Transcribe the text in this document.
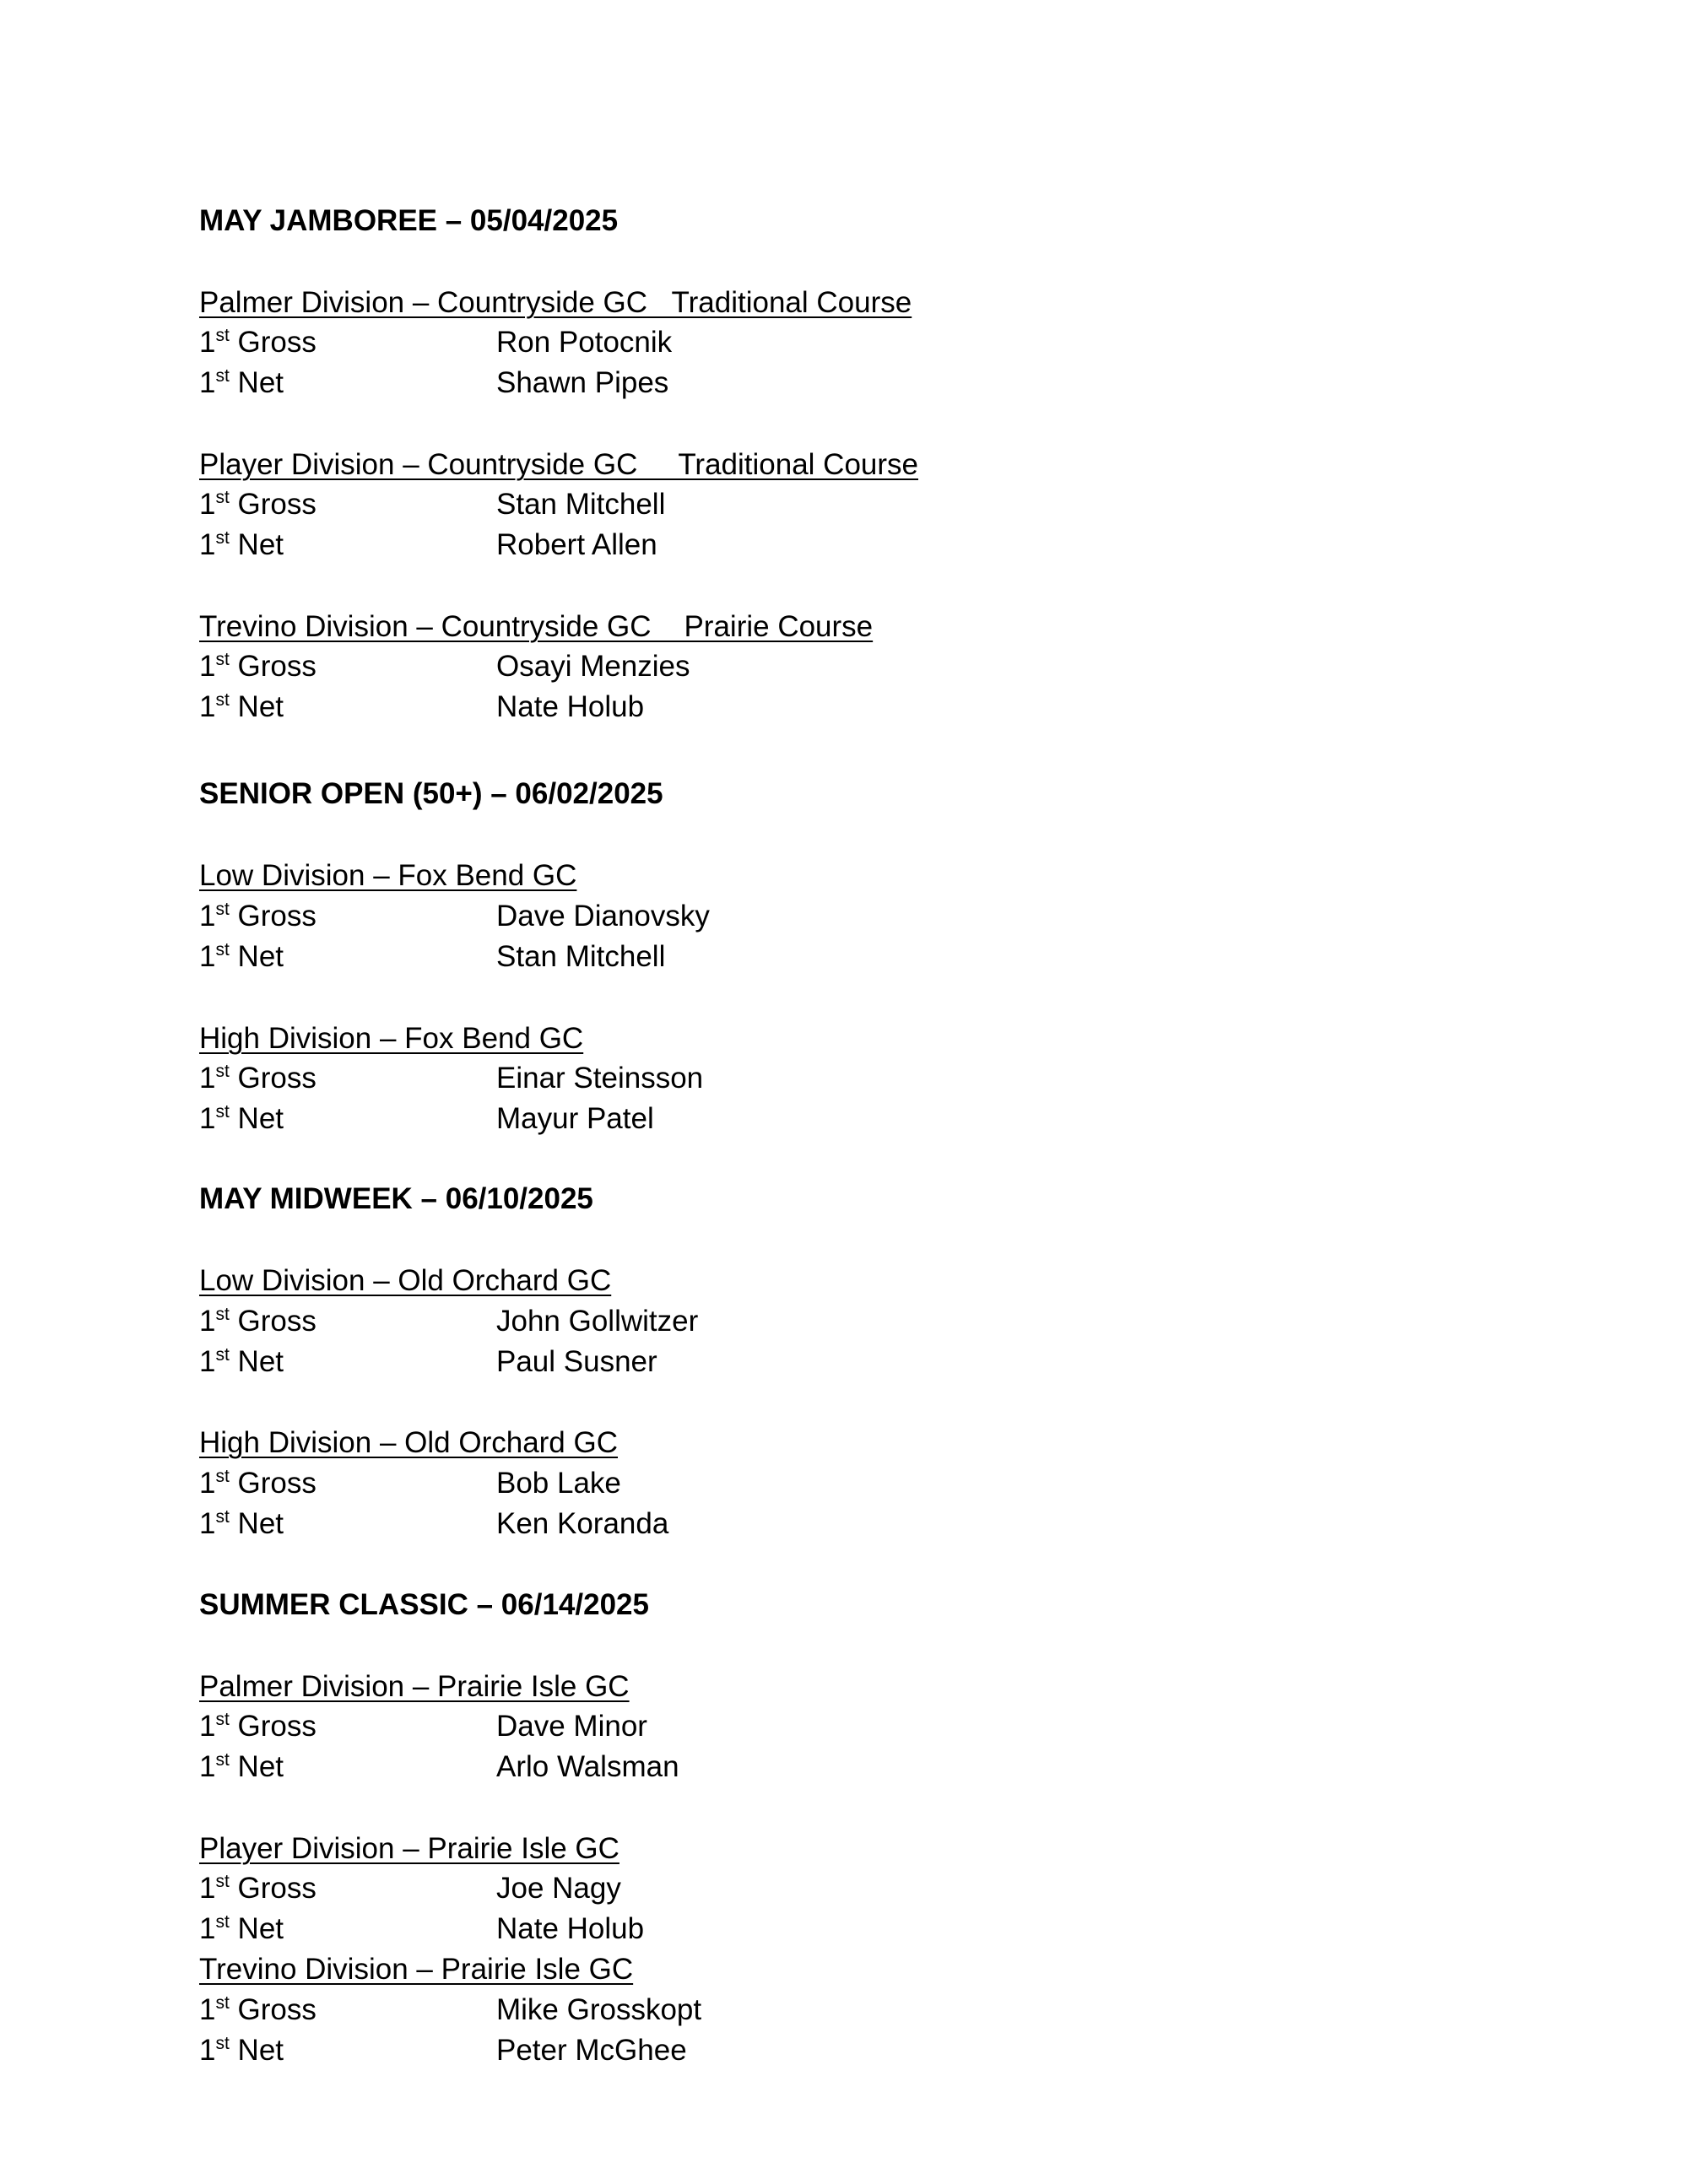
MAY JAMBOREE – 05/04/2025
Palmer Division – Countryside GC   Traditional Course
1st Gross	Ron Potocnik
1st Net	Shawn Pipes
Player Division – Countryside GC     Traditional Course
1st Gross	Stan Mitchell
1st Net	Robert Allen
Trevino Division – Countryside GC    Prairie Course
1st Gross	Osayi Menzies
1st Net	Nate Holub
SENIOR OPEN (50+) – 06/02/2025
Low Division – Fox Bend GC
1st Gross	Dave Dianovsky
1st Net	Stan Mitchell
High Division – Fox Bend GC
1st Gross	Einar Steinsson
1st Net	Mayur Patel
MAY MIDWEEK – 06/10/2025
Low Division – Old Orchard GC
1st Gross	John Gollwitzer
1st Net	Paul Susner
High Division – Old Orchard GC
1st Gross	Bob Lake
1st Net	Ken Koranda
SUMMER CLASSIC – 06/14/2025
Palmer Division – Prairie Isle GC
1st Gross	Dave Minor
1st Net	Arlo Walsman
Player Division – Prairie Isle GC
1st Gross	Joe Nagy
1st Net	Nate Holub
Trevino Division – Prairie Isle GC
1st Gross	Mike Grosskopt
1st Net	Peter McGhee
